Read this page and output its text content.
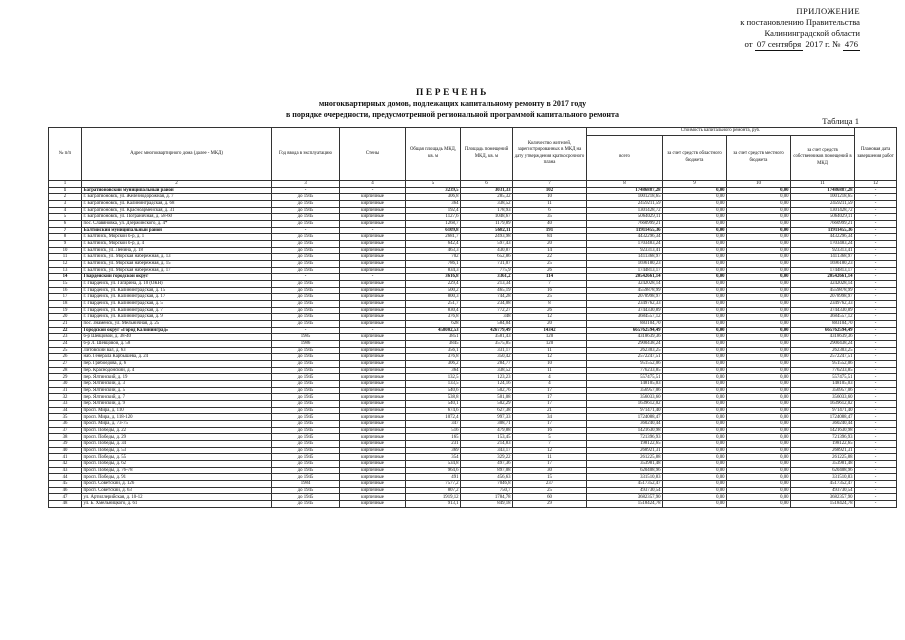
ПРИЛОЖЕНИЕ
к постановлению Правительства
Калининградской области
от 07 сентября 2017 г. № 476
ПЕРЕЧЕНЬ
многоквартирных домов, подлежащих капитальному ремонту в 2017 году
в порядке очередности, предусмотренной региональной программой капитального ремонта
Таблица 1
№ п/п	Адрес многоквартирного дома (далее - МКД)	Год ввода в эксплуатацию	Стены	Общая площадь МКД, кв. м	Площадь помещений МКД, кв. м	Количество жителей, зарегистрированных в МКД на дату утверждения краткосрочного плана	Стоимость капитального ремонта, руб.				Плановая дата завершения работ
							всего	за счет средств областного бюджета	за счет средств местного бюджета	за счет средств собственников помещений в МКД	
1	2	3	4	5	6	7	8	9	10	11	12
1	Багратионовский муниципальный район	-	-	3239,5	3031,33	102	17486887,28	0,00	0,00	17486887,28	-
2	г. Багратионовск, ул. Железнодорожная, д. 7	до 1945	кирпичные	306,8	285,32	10	1001218,65	0,00	0,00	1001218,65	-
3	г. Багратионовск, ул. Калининградская, д. 68	до 1945	кирпичные	364	338,52	11	2459211,59	0,00	0,00	2459211,59	-
4	г. Багратионовск, ул. Красноармейская, д. 31	до 1945	кирпичные	192,4	178,93	6	1301428,72	0,00	0,00	1301428,72	-
5	г. Багратионовск, ул. Пограничная, д. 58-60	до 1945	кирпичные	1127,6	1048,67	35	5064029,11	0,00	0,00	5064029,11	-
6	пос. Славяновка, ул. Дзержинского, д. 4*	до 1945	кирпичные	1268,7	1179,89	40	7660999,21	0,00	0,00	7660999,21	-
7	Балтийский муниципальный район	-	-	6109,8	5682,11	191	11911455,36	0,00	0,00	11911455,36	-
8	г. Балтийск, Морской б-р, д. 1	до 1945	кирпичные	2681,7	2493,98	84	4432296,34	0,00	0,00	4432296,34	-
9	г. Балтийск, Морской б-р, д. 4	до 1945	кирпичные	642,4	597,43	20	1703483,24	0,00	0,00	1703483,24	-
10	г. Балтийск, ул. Ленина, д. 18	до 1945	кирпичные	463,3	430,87	14	923313,41	0,00	0,00	923313,41	-
11	г. Балтийск, ул. Морская набережная, д. 13	до 1945	кирпичные	702	652,86	22	1411368,97	0,00	0,00	1411368,97	-
12	г. Балтийск, ул. Морская набережная, д. 15	до 1945	кирпичные	786,1	731,07	25	1696180,23	0,00	0,00	1696180,23	-
13	г. Балтийск, ул. Морская набережная, д. 17	до 1945	кирпичные	834,3	775,9	26	1744813,17	0,00	0,00	1744813,17	-
14	Гвардейский городской округ	-	-	3616,8	3361,2	114	20542661,14	0,00	0,00	20542661,14	-
15	г. Гвардейск, ул. Гагарина, д. 10 (ОКН)	до 1945	кирпичные	229,4	213,34	7	3242028,14	0,00	0,00	3242028,14	-
16	г. Гвардейск, ул. Калининградская, д. 15	до 1945	кирпичные	500,2	465,19	16	4559878,99	0,00	0,00	4559878,99	-
17	г. Гвардейск, ул. Калининградская, д. 17	до 1945	кирпичные	800,3	744,28	25	2078998,97	0,00	0,00	2078998,97	-
18	г. Гвардейск, ул. Калининградская, д. 5	до 1945	кирпичные	251,7	234,08	8	2349762,33	0,00	0,00	2349762,33	-
19	г. Гвардейск, ул. Калининградская, д. 7	до 1945	кирпичные	830,4	772,27	26	3744330,89	0,00	0,00	3744330,89	-
20	г. Гвардейск, ул. Калининградская, д. 9	до 1945	кирпичные	376,8	348	12	3684557,12	0,00	0,00	3684557,12	-
21	пос. Знаменск, ул. Мельничная, д. 25	до 1945	кирпичные	628	584,04	20	883104,70	0,00	0,00	883104,70	-
22	Городской округ «Город Калининград»	-	-	458002,53	426779,49	14342	665762594,49	0,00	0,00	665762594,49	-
23	б-р Шевцовой, д. 38-40	1985	кирпичные	3851	3581,43	120	4318639,36	0,00	0,00	4318639,36	-
24	б-р Л. Шевцовой, д. 58	1986	кирпичные	3845	3575,85	120	2900438,24	0,00	0,00	2900438,24	-
25	Литовский вал, д. 63	до 1945	кирпичные	356,1	331,17	11	262303,25	0,00	0,00	262303,25	-
26	наб. Генерала Карбышева, д. 24	до 1945	кирпичные	376,8	350,42	12	2572247,51	0,00	0,00	2572247,51	-
27	пер. Грибоедова, д. 6	до 1945	кирпичные	306,2	284,77	10	951552,06	0,00	0,00	951552,06	-
28	пер. Краснодонский, д. 4	до 1945	кирпичные	364	338,52	11	776233,85	0,00	0,00	776233,85	-
29	пер. Ялтинский, д. 19	до 1945	кирпичные	132,5	123,23	4	557475,51	0,00	0,00	557475,51	-
30	пер. Ялтинский, д. 3	до 1945	кирпичные	133,5	124,16	4	148105,03	0,00	0,00	148105,03	-
31	пер. Ялтинский, д. 5	до 1945	кирпичные	540,6	502,76	17	356957,06	0,00	0,00	356957,06	-
32	пер. Ялтинский, д. 7	до 1945	кирпичные	538,8	501,08	17	356033,60	0,00	0,00	356033,60	-
33	пер. Ялтинский, д. 9	до 1945	кирпичные	540,1	502,29	17	1639612,02	0,00	0,00	1639612,02	-
34	просп. Мира, д. 110	до 1945	кирпичные	674,6	627,38	21	971471,40	0,00	0,00	971471,40	-
35	просп. Мира, д. 118-120	до 1945	кирпичные	1072,4	997,33	34	1724088,47	0,00	0,00	1724088,47	-
36	просп. Мира, д. 73-75	до 1945	кирпичные	347	308,71	17	360240,44	0,00	0,00	360240,44	-
37	просп. Победы, д. 22	до 1945	кирпичные	516	479,88	16	1421630,98	0,00	0,00	1421630,98	-
38	просп. Победы, д. 29	до 1945	кирпичные	165	153,45	5	721396,93	0,00	0,00	721396,93	-
39	просп. Победы, д. 34	до 1945	кирпичные	231	214,83	7	198122,65	0,00	0,00	198122,65	-
40	просп. Победы, д. 53	до 1945	кирпичные	369	343,17	12	268921,31	0,00	0,00	268921,31	-
41	просп. Победы, д. 55	до 1945	кирпичные	354	329,22	11	261225,88	0,00	0,00	261225,88	-
42	просп. Победы, д. 62	до 1945	кирпичные	534,8	497,36	17	353981,48	0,00	0,00	353981,48	-
43	просп. Победы, д. 76-78	до 1945	кирпичные	964,6	897,08	30	620408,96	0,00	0,00	620408,96	-
44	просп. Победы, д. 91	до 1945	кирпичные	491	456,63	15	331510,83	0,00	0,00	331510,83	-
45	просп. Советский, д. 126	1984	кирпичные	7577,2	7046,8	237	4517352,47	0,00	0,00	4517352,47	-
46	просп. Советский, д. 63	до 1945	кирпичные	807,2	750,7	25	493730,54	0,00	0,00	493730,54	-
47	ул. Артиллерийская, д. 10-12	до 1945	кирпичные	1919,12	1784,78	60	3682357,90	0,00	0,00	3682357,90	-
48	ул. Б. Хмельницкого, д. 61	до 1945	кирпичные	913,1	849,18	29	1518424,78	0,00	0,00	1518424,78	-
